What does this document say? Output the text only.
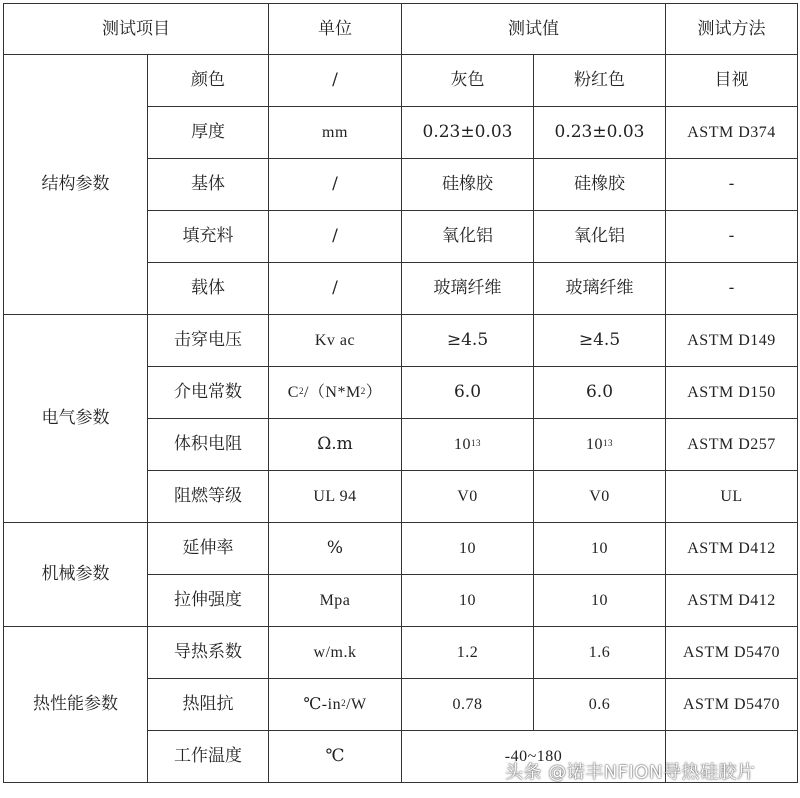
测试项目		单位	测试值		测试方法
结构参数	颜色	/	灰色	粉红色	目视
	厚度	mm	0.23±0.03	0.23±0.03	ASTM D374
	基体	/	硅橡胶	硅橡胶	-
	填充料	/	氧化铝	氧化铝	-
	载体	/	玻璃纤维	玻璃纤维	-
电气参数	击穿电压	Kv ac	≥4.5	≥4.5	ASTM D149
	介电常数	$C^2/(N*M^2)$	6.0	6.0	ASTM D150
	体积电阻	Ω.m	$10^{13}$	$10^{13}$	ASTM D257
	阻燃等级	UL 94	V0	V0	UL
机械参数	延伸率	%	10	10	ASTM D412
	拉伸强度	Mpa	10	10	ASTM D412
热性能参数	导热系数	w/m.k	1.2	1.6	ASTM D5470
	热阻抗	$℃-in^2/W$	0.78	0.6	ASTM D5470
	工作温度	℃	-40~180		
头条 @诺丰NFION导热硅胶片
